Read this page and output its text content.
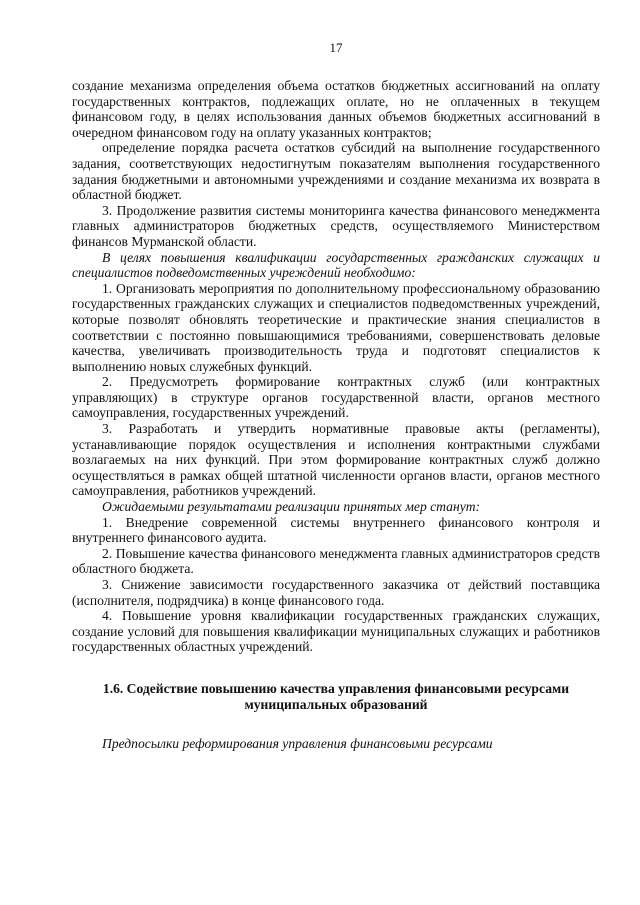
17

создание механизма определения объема остатков бюджетных ассигнований на оплату государственных контрактов, подлежащих оплате, но не оплаченных в текущем финансовом году, в целях использования данных объемов бюджетных ассигнований в очередном финансовом году на оплату указанных контрактов;

определение порядка расчета остатков субсидий на выполнение государственного задания, соответствующих недостигнутым показателям выполнения государственного задания бюджетными и автономными учреждениями и создание механизма их возврата в областной бюджет.

3. Продолжение развития системы мониторинга качества финансового менеджмента главных администраторов бюджетных средств, осуществляемого Министерством финансов Мурманской области.

В целях повышения квалификации государственных гражданских служащих и специалистов подведомственных учреждений необходимо:

1. Организовать мероприятия по дополнительному профессиональному образованию государственных гражданских служащих и специалистов подведомственных учреждений, которые позволят обновлять теоретические и практические знания специалистов в соответствии с постоянно повышающимися требованиями, совершенствовать деловые качества, увеличивать производительность труда и подготовят специалистов к выполнению новых служебных функций.

2. Предусмотреть формирование контрактных служб (или контрактных управляющих) в структуре органов государственной власти, органов местного самоуправления, государственных учреждений.

3. Разработать и утвердить нормативные правовые акты (регламенты), устанавливающие порядок осуществления и исполнения контрактными службами возлагаемых на них функций. При этом формирование контрактных служб должно осуществляться в рамках общей штатной численности органов власти, органов местного самоуправления, работников учреждений.

Ожидаемыми результатами реализации принятых мер станут:

1. Внедрение современной системы внутреннего финансового контроля и внутреннего финансового аудита.

2. Повышение качества финансового менеджмента главных администраторов средств областного бюджета.

3. Снижение зависимости государственного заказчика от действий поставщика (исполнителя, подрядчика) в конце финансового года.

4. Повышение уровня квалификации государственных гражданских служащих, создание условий для повышения квалификации муниципальных служащих и работников государственных областных учреждений.

1.6. Содействие повышению качества управления финансовыми ресурсами муниципальных образований

Предпосылки реформирования управления финансовыми ресурсами
